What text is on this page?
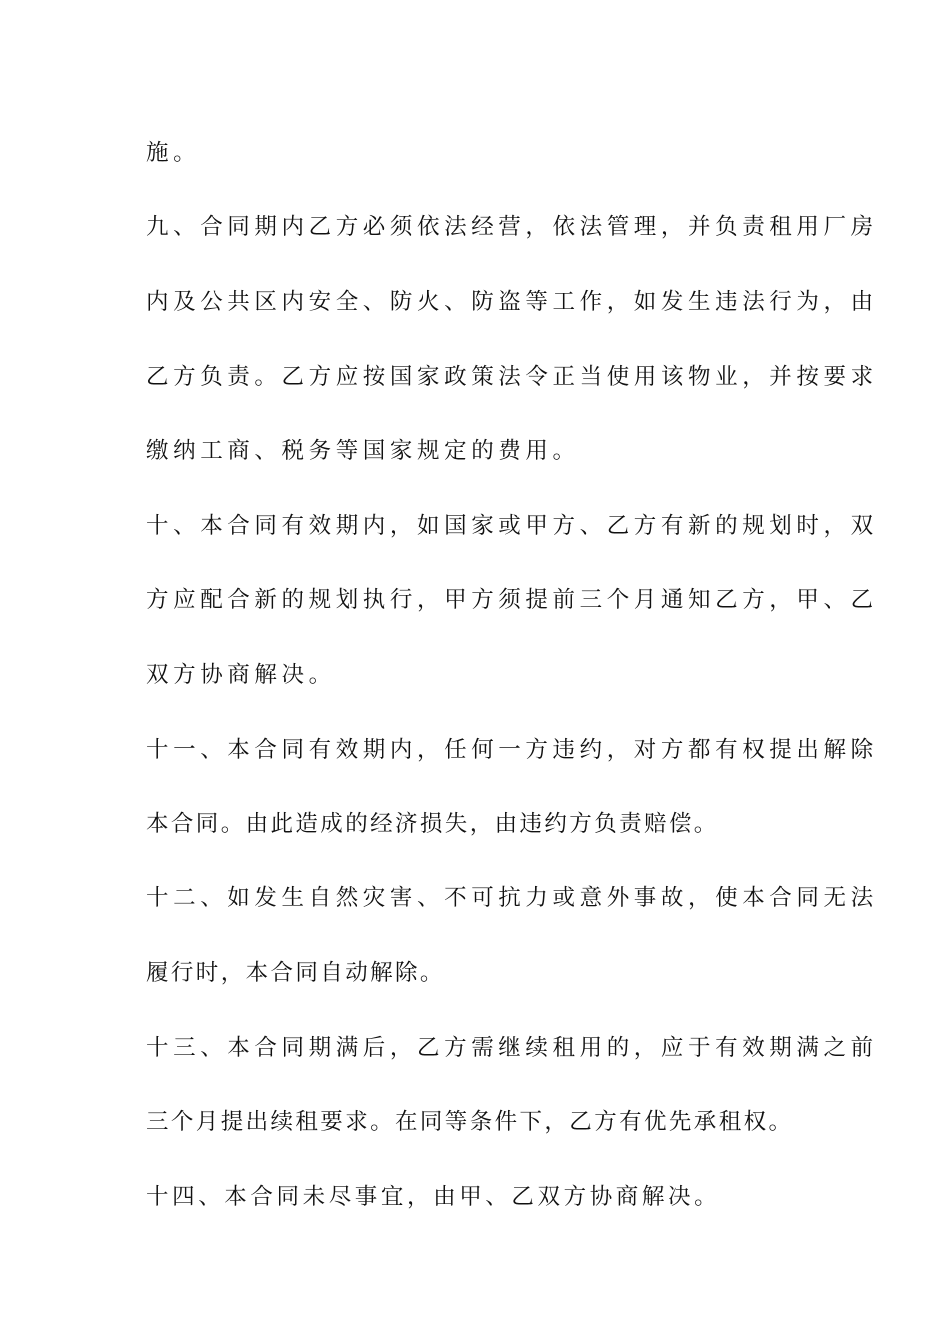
施。
九、合同期内乙方必须依法经营，依法管理，并负责租用厂房
内及公共区内安全、防火、防盗等工作，如发生违法行为，由
乙方负责。乙方应按国家政策法令正当使用该物业，并按要求
缴纳工商、税务等国家规定的费用。
十、本合同有效期内，如国家或甲方、乙方有新的规划时，双
方应配合新的规划执行，甲方须提前三个月通知乙方，甲、乙
双方协商解决。
十一、本合同有效期内，任何一方违约，对方都有权提出解除
本合同。由此造成的经济损失，由违约方负责赔偿。
十二、如发生自然灾害、不可抗力或意外事故，使本合同无法
履行时，本合同自动解除。
十三、本合同期满后，乙方需继续租用的，应于有效期满之前
三个月提出续租要求。在同等条件下，乙方有优先承租权。
十四、本合同未尽事宜，由甲、乙双方协商解决。
